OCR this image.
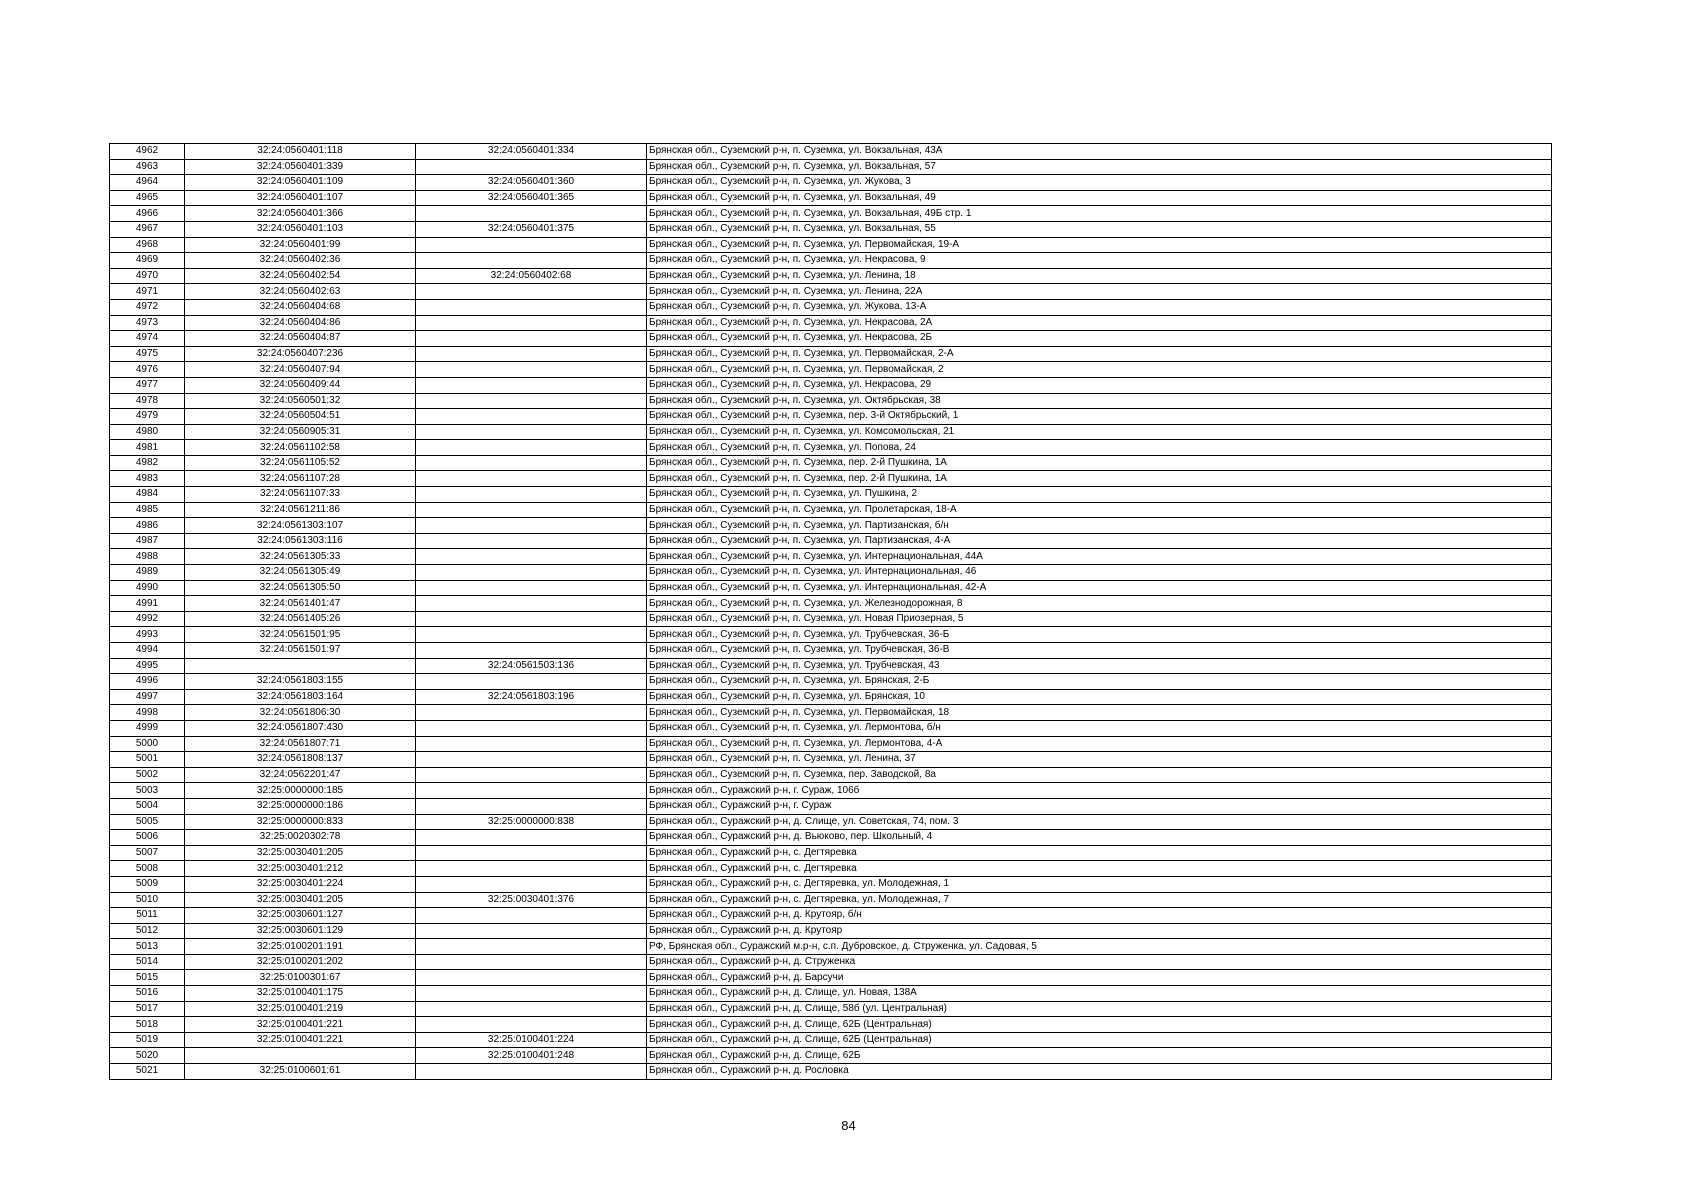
4962	32:24:0560401:118	32:24:0560401:334	Брянская обл., Суземский р-н, п. Суземка, ул. Вокзальная, 43А
4963	32:24:0560401:339		Брянская обл., Суземский р-н, п. Суземка, ул. Вокзальная, 57
4964	32:24:0560401:109	32:24:0560401:360	Брянская обл., Суземский р-н, п. Суземка, ул. Жукова, 3
4965	32:24:0560401:107	32:24:0560401:365	Брянская обл., Суземский р-н, п. Суземка, ул. Вокзальная, 49
4966	32:24:0560401:366		Брянская обл., Суземский р-н, п. Суземка, ул. Вокзальная, 49Б стр. 1
4967	32:24:0560401:103	32:24:0560401:375	Брянская обл., Суземский р-н, п. Суземка, ул. Вокзальная, 55
4968	32:24:0560401:99		Брянская обл., Суземский р-н, п. Суземка, ул. Первомайская, 19-А
4969	32:24:0560402:36		Брянская обл., Суземский р-н, п. Суземка, ул. Некрасова, 9
4970	32:24:0560402:54	32:24:0560402:68	Брянская обл., Суземский р-н, п. Суземка, ул. Ленина, 18
4971	32:24:0560402:63		Брянская обл., Суземский р-н, п. Суземка, ул. Ленина, 22А
4972	32:24:0560404:68		Брянская обл., Суземский р-н, п. Суземка, ул. Жукова, 13-А
4973	32:24:0560404:86		Брянская обл., Суземский р-н, п. Суземка, ул. Некрасова, 2А
4974	32:24:0560404:87		Брянская обл., Суземский р-н, п. Суземка, ул. Некрасова, 2Б
4975	32:24:0560407:236		Брянская обл., Суземский р-н, п. Суземка, ул. Первомайская, 2-А
4976	32:24:0560407:94		Брянская обл., Суземский р-н, п. Суземка, ул. Первомайская, 2
4977	32:24:0560409:44		Брянская обл., Суземский р-н, п. Суземка, ул. Некрасова, 29
4978	32:24:0560501:32		Брянская обл., Суземский р-н, п. Суземка, ул. Октябрьская, 38
4979	32:24:0560504:51		Брянская обл., Суземский р-н, п. Суземка, пер. 3-й Октябрьский, 1
4980	32:24:0560905:31		Брянская обл., Суземский р-н, п. Суземка, ул. Комсомольская, 21
4981	32:24:0561102:58		Брянская обл., Суземский р-н, п. Суземка, ул. Попова, 24
4982	32:24:0561105:52		Брянская обл., Суземский р-н, п. Суземка, пер. 2-й Пушкина, 1А
4983	32:24:0561107:28		Брянская обл., Суземский р-н, п. Суземка, пер. 2-й Пушкина, 1А
4984	32:24:0561107:33		Брянская обл., Суземский р-н, п. Суземка, ул. Пушкина, 2
4985	32:24:0561211:86		Брянская обл., Суземский р-н, п. Суземка, ул. Пролетарская, 18-А
4986	32:24:0561303:107		Брянская обл., Суземский р-н, п. Суземка, ул. Партизанская, б/н
4987	32:24:0561303:116		Брянская обл., Суземский р-н, п. Суземка, ул. Партизанская, 4-А
4988	32:24:0561305:33		Брянская обл., Суземский р-н, п. Суземка, ул. Интернациональная, 44А
4989	32:24:0561305:49		Брянская обл., Суземский р-н, п. Суземка, ул. Интернациональная, 46
4990	32:24:0561305:50		Брянская обл., Суземский р-н, п. Суземка, ул. Интернациональная, 42-А
4991	32:24:0561401:47		Брянская обл., Суземский р-н, п. Суземка, ул. Железнодорожная, 8
4992	32:24:0561405:26		Брянская обл., Суземский р-н, п. Суземка, ул. Новая Приозерная, 5
4993	32:24:0561501:95		Брянская обл., Суземский р-н, п. Суземка, ул. Трубчевская, 36-Б
4994	32:24:0561501:97		Брянская обл., Суземский р-н, п. Суземка, ул. Трубчевская, 36-В
4995		32:24:0561503:136	Брянская обл., Суземский р-н, п. Суземка, ул. Трубчевская, 43
4996	32:24:0561803:155		Брянская обл., Суземский р-н, п. Суземка, ул. Брянская, 2-Б
4997	32:24:0561803:164	32:24:0561803:196	Брянская обл., Суземский р-н, п. Суземка, ул. Брянская, 10
4998	32:24:0561806:30		Брянская обл., Суземский р-н, п. Суземка, ул. Первомайская, 18
4999	32:24:0561807:430		Брянская обл., Суземский р-н, п. Суземка, ул. Лермонтова, б/н
5000	32:24:0561807:71		Брянская обл., Суземский р-н, п. Суземка, ул. Лермонтова, 4-А
5001	32:24:0561808:137		Брянская обл., Суземский р-н, п. Суземка, ул. Ленина, 37
5002	32:24:0562201:47		Брянская обл., Суземский р-н, п. Суземка, пер. Заводской, 8а
5003	32:25:0000000:185		Брянская обл., Суражский р-н, г. Сураж, 106б
5004	32:25:0000000:186		Брянская обл., Суражский р-н, г. Сураж
5005	32:25:0000000:833	32:25:0000000:838	Брянская обл., Суражский р-н, д. Слище, ул. Советская, 74, пом. 3
5006	32:25:0020302:78		Брянская обл., Суражский р-н, д. Вьюково, пер. Школьный, 4
5007	32:25:0030401:205		Брянская обл., Суражский р-н, с. Дегтяревка
5008	32:25:0030401:212		Брянская обл., Суражский р-н, с. Дегтяревка
5009	32:25:0030401:224		Брянская обл., Суражский р-н, с. Дегтяревка, ул. Молодежная, 1
5010	32:25:0030401:205	32:25:0030401:376	Брянская обл., Суражский р-н, с. Дегтяревка, ул. Молодежная, 7
5011	32:25:0030601:127		Брянская обл., Суражский р-н, д. Крутояр, б/н
5012	32:25:0030601:129		Брянская обл., Суражский р-н, д. Крутояр
5013	32:25:0100201:191		РФ, Брянская обл., Суражский м.р-н, с.п. Дубровское, д. Струженка, ул. Садовая, 5
5014	32:25:0100201:202		Брянская обл., Суражский р-н, д. Струженка
5015	32:25:0100301:67		Брянская обл., Суражский р-н, д. Барсучи
5016	32:25:0100401:175		Брянская обл., Суражский р-н, д. Слище, ул. Новая, 138А
5017	32:25:0100401:219		Брянская обл., Суражский р-н, д. Слище, 58б (ул. Центральная)
5018	32:25:0100401:221		Брянская обл., Суражский р-н, д. Слище, 62Б (Центральная)
5019	32:25:0100401:221	32:25:0100401:224	Брянская обл., Суражский р-н, д. Слище, 62Б (Центральная)
5020		32:25:0100401:248	Брянская обл., Суражский р-н, д. Слище, 62Б
5021	32:25:0100601:61		Брянская обл., Суражский р-н, д. Рословка
84
